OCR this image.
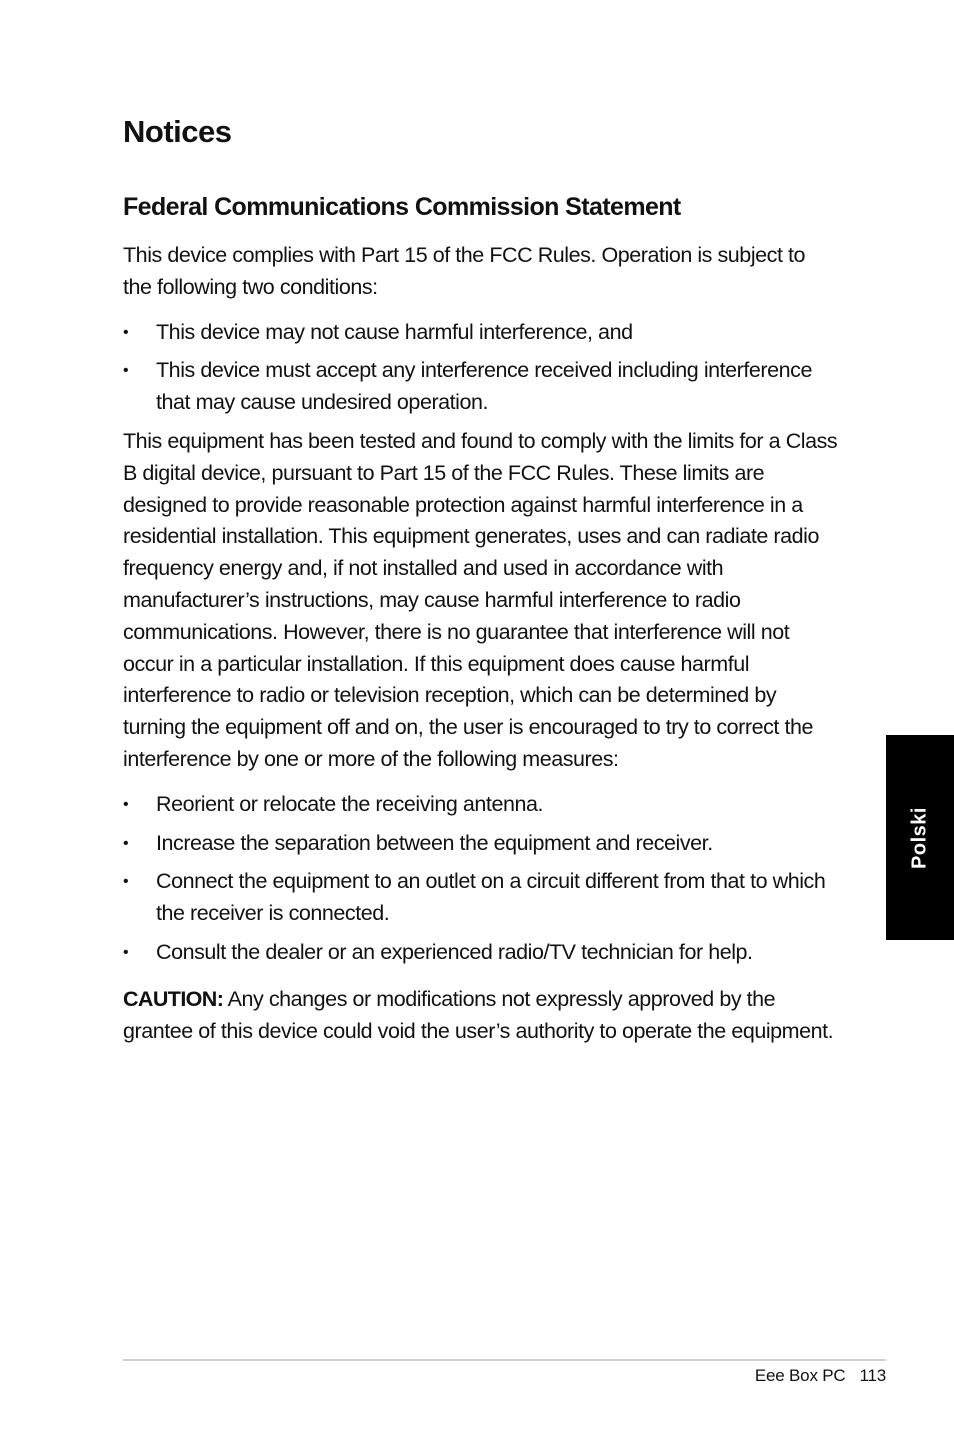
Notices
Federal Communications Commission Statement

This device complies with Part 15 of the FCC Rules. Operation is subject to the following two conditions:

• This device may not cause harmful interference, and
• This device must accept any interference received including interference that may cause undesired operation.

This equipment has been tested and found to comply with the limits for a Class B digital device, pursuant to Part 15 of the FCC Rules. These limits are designed to provide reasonable protection against harmful interference in a residential installation. This equipment generates, uses and can radiate radio frequency energy and, if not installed and used in accordance with manufacturer’s instructions, may cause harmful interference to radio communications. However, there is no guarantee that interference will not occur in a particular installation. If this equipment does cause harmful interference to radio or television reception, which can be determined by turning the equipment off and on, the user is encouraged to try to correct the interference by one or more of the following measures:

• Reorient or relocate the receiving antenna.
• Increase the separation between the equipment and receiver.
• Connect the equipment to an outlet on a circuit different from that to which the receiver is connected.
• Consult the dealer or an experienced radio/TV technician for help.

CAUTION: Any changes or modifications not expressly approved by the grantee of this device could void the user’s authority to operate the equipment.

Polski
Eee Box PC 113
